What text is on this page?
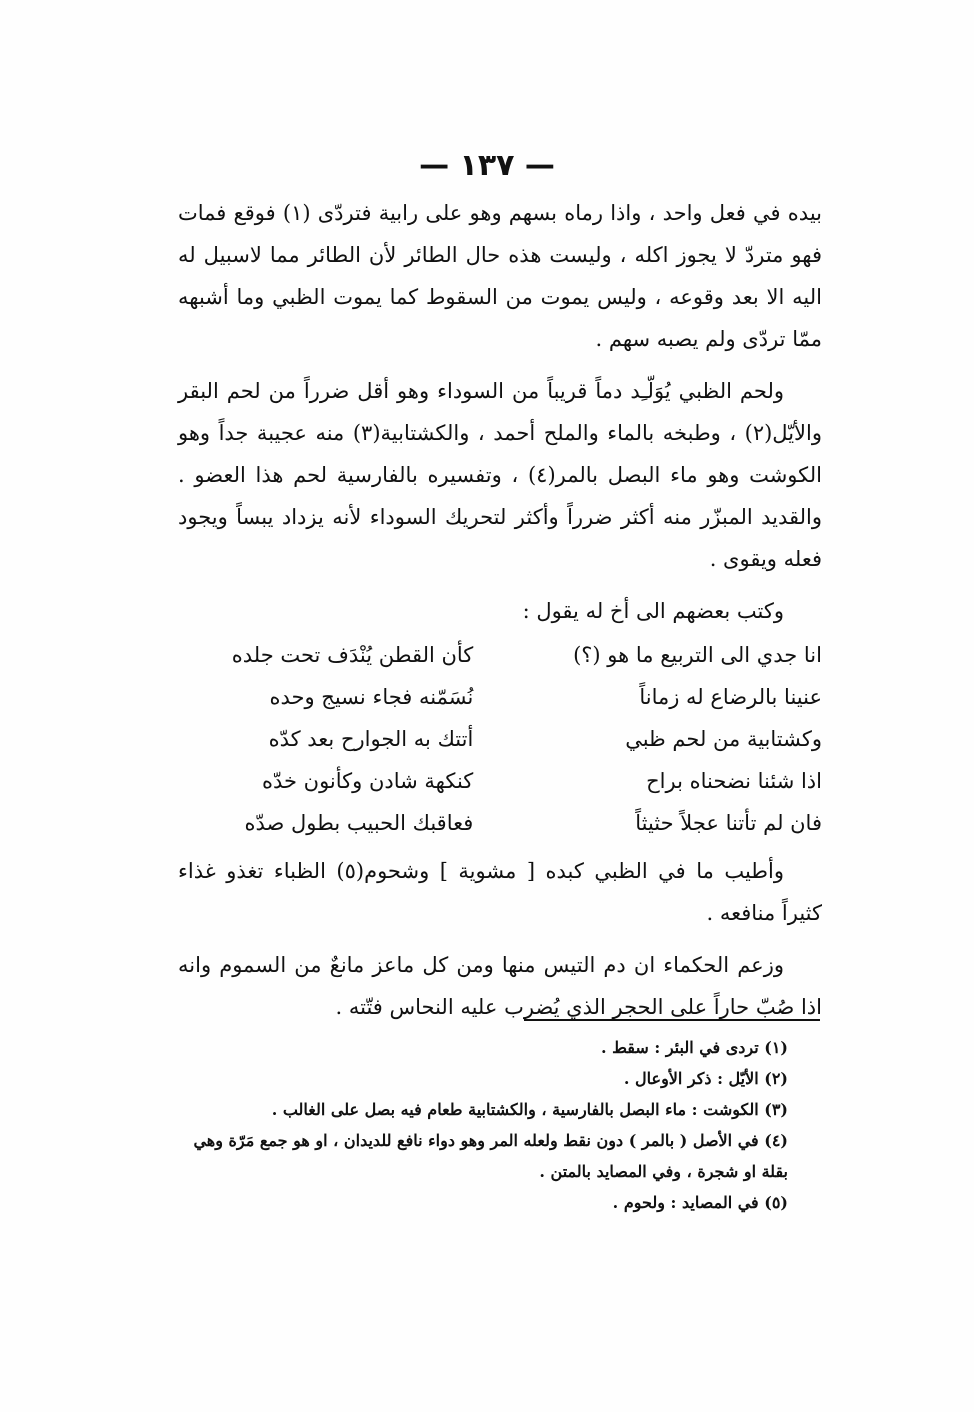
— ١٣٧ —

بيده في فعل واحد ، واذا رماه بسهم وهو على رابية فتردّى (١) فوقع فمات فهو متردّ لا يجوز اكله ، وليست هذه حال الطائر لأن الطائر مما لاسبيل له اليه الا بعد وقوعه ، وليس يموت من السقوط كما يموت الظبي وما أشبهه ممّا تردّى ولم يصبه سهم .

ولحم الظبي يُوَلّـِد دماً قريباً من السوداء وهو أقل ضرراً من لحم البقر والأيّل(٢) ، وطبخه بالماء والملح أحمد ، والكشتابية(٣) منه عجيبة جداً وهو الكوشت وهو ماء البصل بالمر(٤) ، وتفسيره بالفارسية لحم هذا العضو . والقديد المبزّر منه أكثر ضرراً وأكثر لتحريك السوداء لأنه يزداد يبساً ويجود فعله ويقوى .

وكتب بعضهم الى أخ له يقول :

انا جدي الى التربيع ما هو (؟)
كأن القطن يُنْدَف تحت جلده
عنينا بالرضاع له زماناً
نُسَمّنه فجاء نسيج وحده
وكشتابية من لحم ظبي
أتتك به الجوارح بعد كدّه
اذا شئنا نضحناه براح
كنكهة شادن وكأنون خدّه
فان لم تأتنا عجلاً حثيثاً
فعاقبك الحبيب بطول صدّه

وأطيب ما في الظبي كبده [ مشوية ] وشحوم(٥) الظباء تغذو غذاء كثيراً منافعه .

وزعم الحكماء ان دم التيس منها ومن كل ماعز مانعٌ من السموم وانه اذا صُبّ حاراً على الحجر الذي يُضرب عليه النحاس فتّته .

(١) تردى في البئر : سقط .
(٢) الأيّل : ذكر الأوعال .
(٣) الكوشت : ماء البصل بالفارسية ، والكشتابية طعام فيه بصل على الغالب .
(٤) في الأصل ( بالمر ) دون نقط ولعله المر وهو دواء نافع للديدان ، او هو جمع مَرّة وهي بقلة او شجرة ، وفي المصايد بالمتن .
(٥) في المصايد : ولحوم .
